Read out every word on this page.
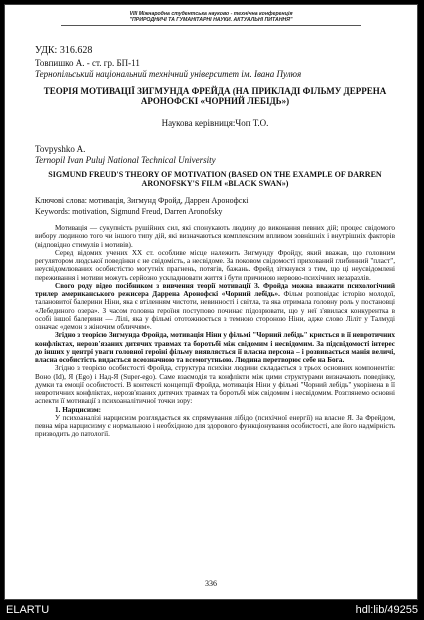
VIII Міжнародна студентська науково - технічна конференція
"ПРИРОДНИЧІ ТА ГУМАНІТАРНІ НАУКИ. АКТУАЛЬНІ ПИТАННЯ"
УДК: 316.628
Товпишко А. - ст. гр. БП-11
Тернопільський національний технічний університет ім. Івана Пулюя
ТЕОРІЯ МОТИВАЦІЇ ЗИГМУНДА ФРЕЙДА (НА ПРИКЛАДІ ФІЛЬМУ ДЕРРЕНА АРОНОФСКІ «ЧОРНИЙ ЛЕБІДЬ»)
Наукова керівниця:Чоп Т.О.
Tovpyshko A.
Ternopil Ivan Puluj National Technical University
SIGMUND FREUD'S THEORY OF MOTIVATION (BASED ON THE EXAMPLE OF DARREN ARONOFSKY'S FILM «BLACK SWAN»)
Ключові слова: мотивація, Зигмунд Фройд, Даррен Аронофскі
Keywords: motivation, Sigmund Freud, Darren Aronofsky

Мотивація — сукупність рушійних сил, які спонукають людину до виконання певних дій; процес свідомого вибору людиною того чи іншого типу дій, які визначаються комплексним впливом зовнішніх і внутрішніх факторів (відповідно стимулів і мотивів).

Серед відомих учених XX ст. особливе місце належить Зигмунду Фройду, який вважав, що головним регулятором людської поведінки є не свідомість, а несвідоме. За поковом свідомості прихований глибинний "пласт", неусвідомлюваних особистістю могутніх прагнень, потягів, бажань. Фрейд зіткнувся з тим, що ці неусвідомлені переживання і мотиви можуть серйозно ускладнювати життя і бути причиною нервово-психічних незаразлів.

Свого роду відео посібником з вивчення теорії мотивації З. Фройда можна вважати психологічний трилер американського режисера Даррена Аронофскі «Чорний лебідь». Фільм розповідає історію молодої, талановитої балерини Ніни, яка є втіленням чистоти, невинності і світла, та яка отримала головну роль у постановці «Лебединого озера». З часом головна героїня поступово починає підозрювати, що у неї з'явилася конкурентка в особі іншої балерини — Лілі, яка у фільмі ототожнюється з темною стороною Ніни, адже слово Ліліт у Талмуді означає «демон з жіночим обличчям».

Згідно з теорією Зигмунда Фройда, мотивація Ніни у фільмі "Чорний лебідь" криється в її невротичних конфліктах, нерозв'язаних дитячих травмах та боротьбі між свідомим і несвідомим. За підсвідомості інтерес до інших у центрі уваги головної героїні фільму виявляється її власна персона – і розвивається манія величі, власна особистість видається всеозначною та всемогутньою. Людина перетворює себе на Бога.

Згідно з теорією особистості Фройда, структура психіки людини складається з трьох основних компонентів: Воно (Id), Я (Ego) і Над-Я (Super-ego). Саме взаємодія та конфлікти між цими структурами визначають поведінку, думки та емоції особистості. В контексті концепції Фройда, мотивація Ніни у фільмі "Чорний лебідь" укорінена в її невротичних конфліктах, нерозв'язаних дитячих травмах та боротьбі між свідомим і несвідомим. Розглянемо основні аспекти її мотивації з психоаналітичної точки зору:

1. Нарцисизм:

У психоаналізі нарцисизм розглядається як спрямування лібідо (психічної енергії) на власне Я. За Фрейдом, певна міра нарцисизму є нормальною і необхідною для здорового функціонування особистості, але його надмірність призводить до патології.

336
ELARTU	hdl:lib/49255
